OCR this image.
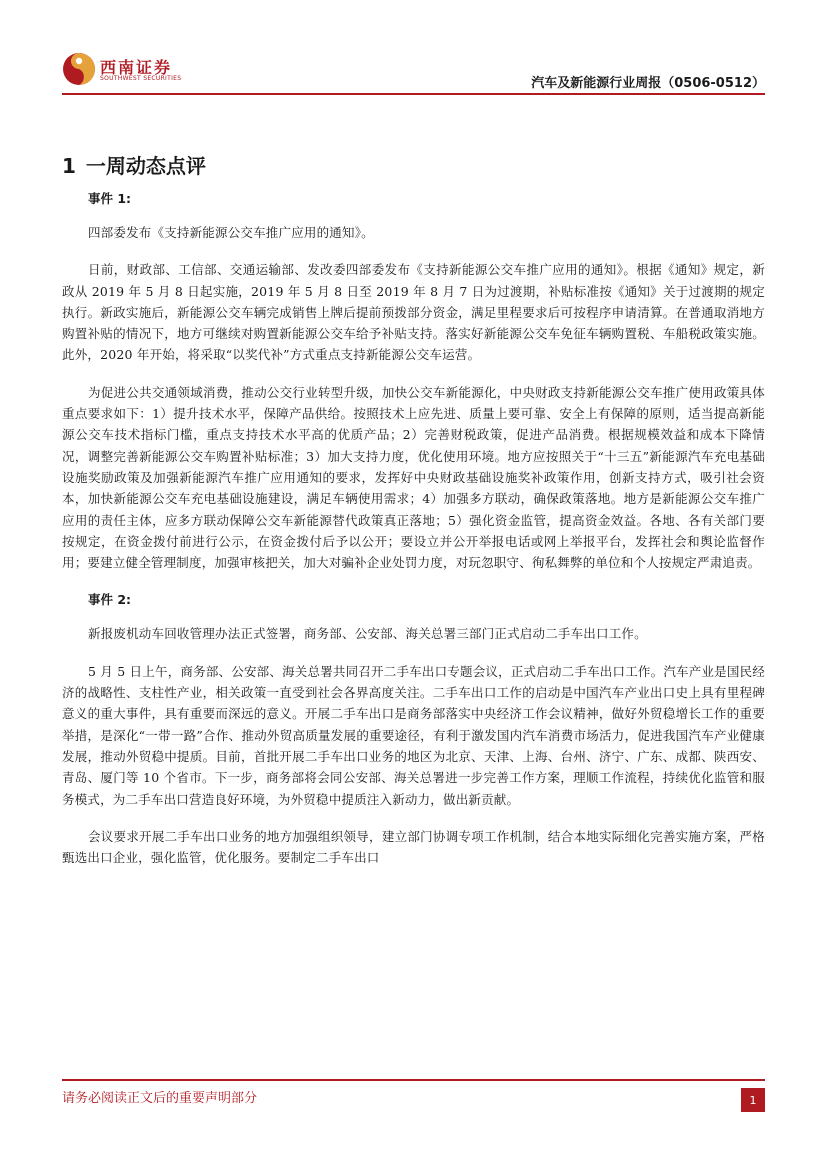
西南证券
SOUTHWEST SECURITIES	汽车及新能源行业周报（0506-0512）
1 一周动态点评
事件 1:

四部委发布《支持新能源公交车推广应用的通知》。

日前，财政部、工信部、交通运输部、发改委四部委发布《支持新能源公交车推广应用的通知》。根据《通知》规定，新政从 2019 年 5 月 8 日起实施，2019 年 5 月 8 日至 2019 年 8 月 7 日为过渡期，补贴标准按《通知》关于过渡期的规定执行。新政实施后，新能源公交车辆完成销售上牌后提前预拨部分资金，满足里程要求后可按程序申请清算。在普通取消地方购置补贴的情况下，地方可继续对购置新能源公交车给予补贴支持。落实好新能源公交车免征车辆购置税、车船税政策实施。此外，2020 年开始，将采取“以奖代补”方式重点支持新能源公交车运营。

为促进公共交通领域消费，推动公交行业转型升级，加快公交车新能源化，中央财政支持新能源公交车推广使用政策具体重点要求如下：1）提升技术水平，保障产品供给。按照技术上应先进、质量上要可靠、安全上有保障的原则，适当提高新能源公交车技术指标门槛，重点支持技术水平高的优质产品；2）完善财税政策，促进产品消费。根据规模效益和成本下降情况，调整完善新能源公交车购置补贴标准；3）加大支持力度，优化使用环境。地方应按照关于“十三五”新能源汽车充电基础设施奖励政策及加强新能源汽车推广应用通知的要求，发挥好中央财政基础设施奖补政策作用，创新支持方式，吸引社会资本，加快新能源公交车充电基础设施建设，满足车辆使用需求；4）加强多方联动，确保政策落地。地方是新能源公交车推广应用的责任主体，应多方联动保障公交车新能源替代政策真正落地；5）强化资金监管，提高资金效益。各地、各有关部门要按规定，在资金拨付前进行公示，在资金拨付后予以公开；要设立并公开举报电话或网上举报平台，发挥社会和舆论监督作用；要建立健全管理制度，加强审核把关，加大对骗补企业处罚力度，对玩忽职守、徇私舞弊的单位和个人按规定严肃追责。

事件 2:

新报废机动车回收管理办法正式签署，商务部、公安部、海关总署三部门正式启动二手车出口工作。

5 月 5 日上午，商务部、公安部、海关总署共同召开二手车出口专题会议，正式启动二手车出口工作。汽车产业是国民经济的战略性、支柱性产业，相关政策一直受到社会各界高度关注。二手车出口工作的启动是中国汽车产业出口史上具有里程碑意义的重大事件，具有重要而深远的意义。开展二手车出口是商务部落实中央经济工作会议精神，做好外贸稳增长工作的重要举措，是深化“一带一路”合作、推动外贸高质量发展的重要途径，有利于激发国内汽车消费市场活力，促进我国汽车产业健康发展，推动外贸稳中提质。目前，首批开展二手车出口业务的地区为北京、天津、上海、台州、济宁、广东、成都、陕西安、青岛、厦门等 10 个省市。下一步，商务部将会同公安部、海关总署进一步完善工作方案，理顺工作流程，持续优化监管和服务模式，为二手车出口营造良好环境，为外贸稳中提质注入新动力，做出新贡献。

会议要求开展二手车出口业务的地方加强组织领导，建立部门协调专项工作机制，结合本地实际细化完善实施方案，严格甄选出口企业，强化监管，优化服务。要制定二手车出口

请务必阅读正文后的重要声明部分	1
